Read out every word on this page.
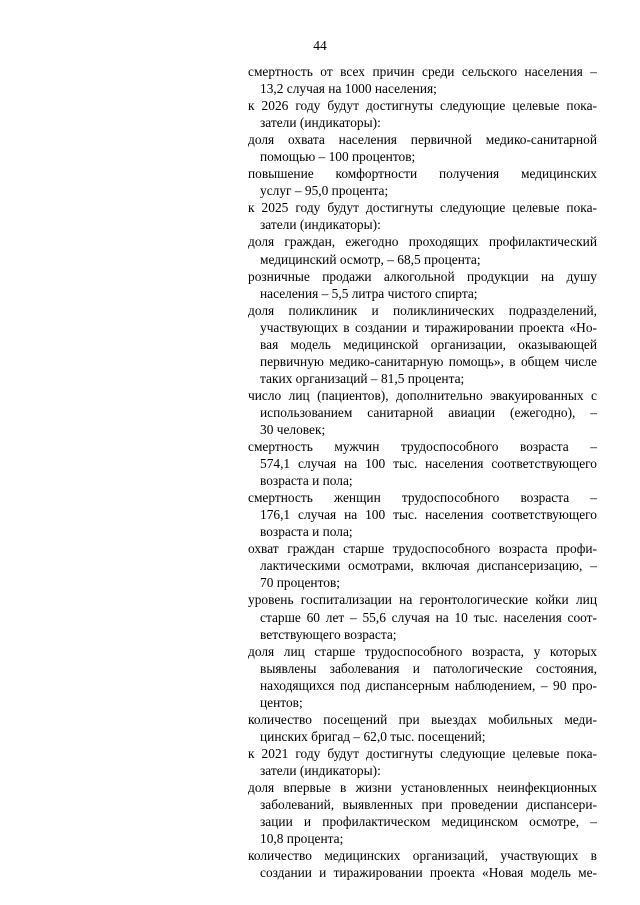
44
смертность от всех причин среди сельского населения –
13,2 случая на 1000 населения;
к 2026 году будут достигнуты следующие целевые пока-
затели (индикаторы):
доля охвата населения первичной медико-санитарной
помощью – 100 процентов;
повышение комфортности получения медицинских
услуг – 95,0 процента;
к 2025 году будут достигнуты следующие целевые пока-
затели (индикаторы):
доля граждан, ежегодно проходящих профилактический
медицинский осмотр, – 68,5 процента;
розничные продажи алкогольной продукции на душу
населения – 5,5 литра чистого спирта;
доля поликлиник и поликлинических подразделений,
участвующих в создании и тиражировании проекта «Но-
вая модель медицинской организации, оказывающей
первичную медико-санитарную помощь», в общем числе
таких организаций – 81,5 процента;
число лиц (пациентов), дополнительно эвакуированных с
использованием санитарной авиации (ежегодно), –
30 человек;
смертность мужчин трудоспособного возраста –
574,1 случая на 100 тыс. населения соответствующего
возраста и пола;
смертность женщин трудоспособного возраста –
176,1 случая на 100 тыс. населения соответствующего
возраста и пола;
охват граждан старше трудоспособного возраста профи-
лактическими осмотрами, включая диспансеризацию, –
70 процентов;
уровень госпитализации на геронтологические койки лиц
старше 60 лет – 55,6 случая на 10 тыс. населения соот-
ветствующего возраста;
доля лиц старше трудоспособного возраста, у которых
выявлены заболевания и патологические состояния,
находящихся под диспансерным наблюдением, – 90 про-
центов;
количество посещений при выездах мобильных меди-
цинских бригад – 62,0 тыс. посещений;
к 2021 году будут достигнуты следующие целевые пока-
затели (индикаторы):
доля впервые в жизни установленных неинфекционных
заболеваний, выявленных при проведении диспансери-
зации и профилактическом медицинском осмотре, –
10,8 процента;
количество медицинских организаций, участвующих в
создании и тиражировании проекта «Новая модель ме-
